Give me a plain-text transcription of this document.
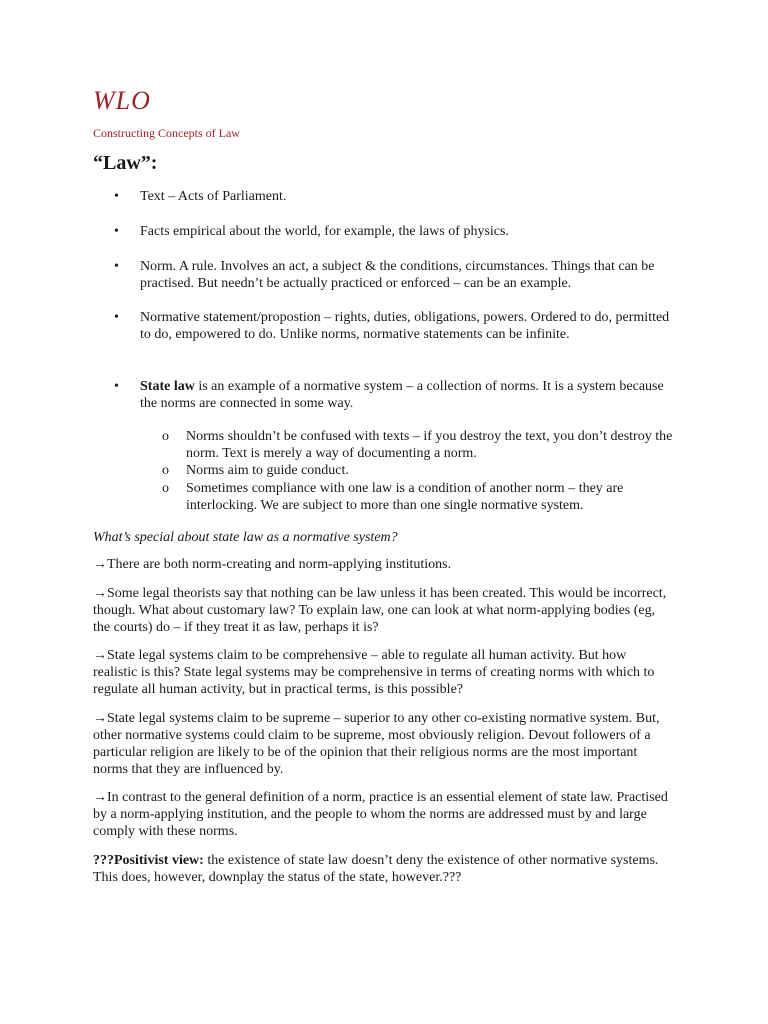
WLO
Constructing Concepts of Law
“Law”:
•	Text – Acts of Parliament.
•	Facts empirical about the world, for example, the laws of physics.
•	Norm. A rule. Involves an act, a subject & the conditions, circumstances. Things that can be practised. But needn’t be actually practiced or enforced – can be an example.
•	Normative statement/propostion – rights, duties, obligations, powers. Ordered to do, permitted to do, empowered to do. Unlike norms, normative statements can be infinite.
•	State law is an example of a normative system – a collection of norms. It is a system because the norms are connected in some way.
o	Norms shouldn’t be confused with texts – if you destroy the text, you don’t destroy the norm. Text is merely a way of documenting a norm.
o	Norms aim to guide conduct.
o	Sometimes compliance with one law is a condition of another norm – they are interlocking. We are subject to more than one single normative system.
What’s special about state law as a normative system?
→There are both norm-creating and norm-applying institutions.
→Some legal theorists say that nothing can be law unless it has been created. This would be incorrect, though. What about customary law? To explain law, one can look at what norm-applying bodies (eg, the courts) do – if they treat it as law, perhaps it is?
→State legal systems claim to be comprehensive – able to regulate all human activity. But how realistic is this? State legal systems may be comprehensive in terms of creating norms with which to regulate all human activity, but in practical terms, is this possible?
→State legal systems claim to be supreme – superior to any other co-existing normative system. But, other normative systems could claim to be supreme, most obviously religion. Devout followers of a particular religion are likely to be of the opinion that their religious norms are the most important norms that they are influenced by.
→In contrast to the general definition of a norm, practice is an essential element of state law. Practised by a norm-applying institution, and the people to whom the norms are addressed must by and large comply with these norms.
???Positivist view: the existence of state law doesn’t deny the existence of other normative systems. This does, however, downplay the status of the state, however.???
